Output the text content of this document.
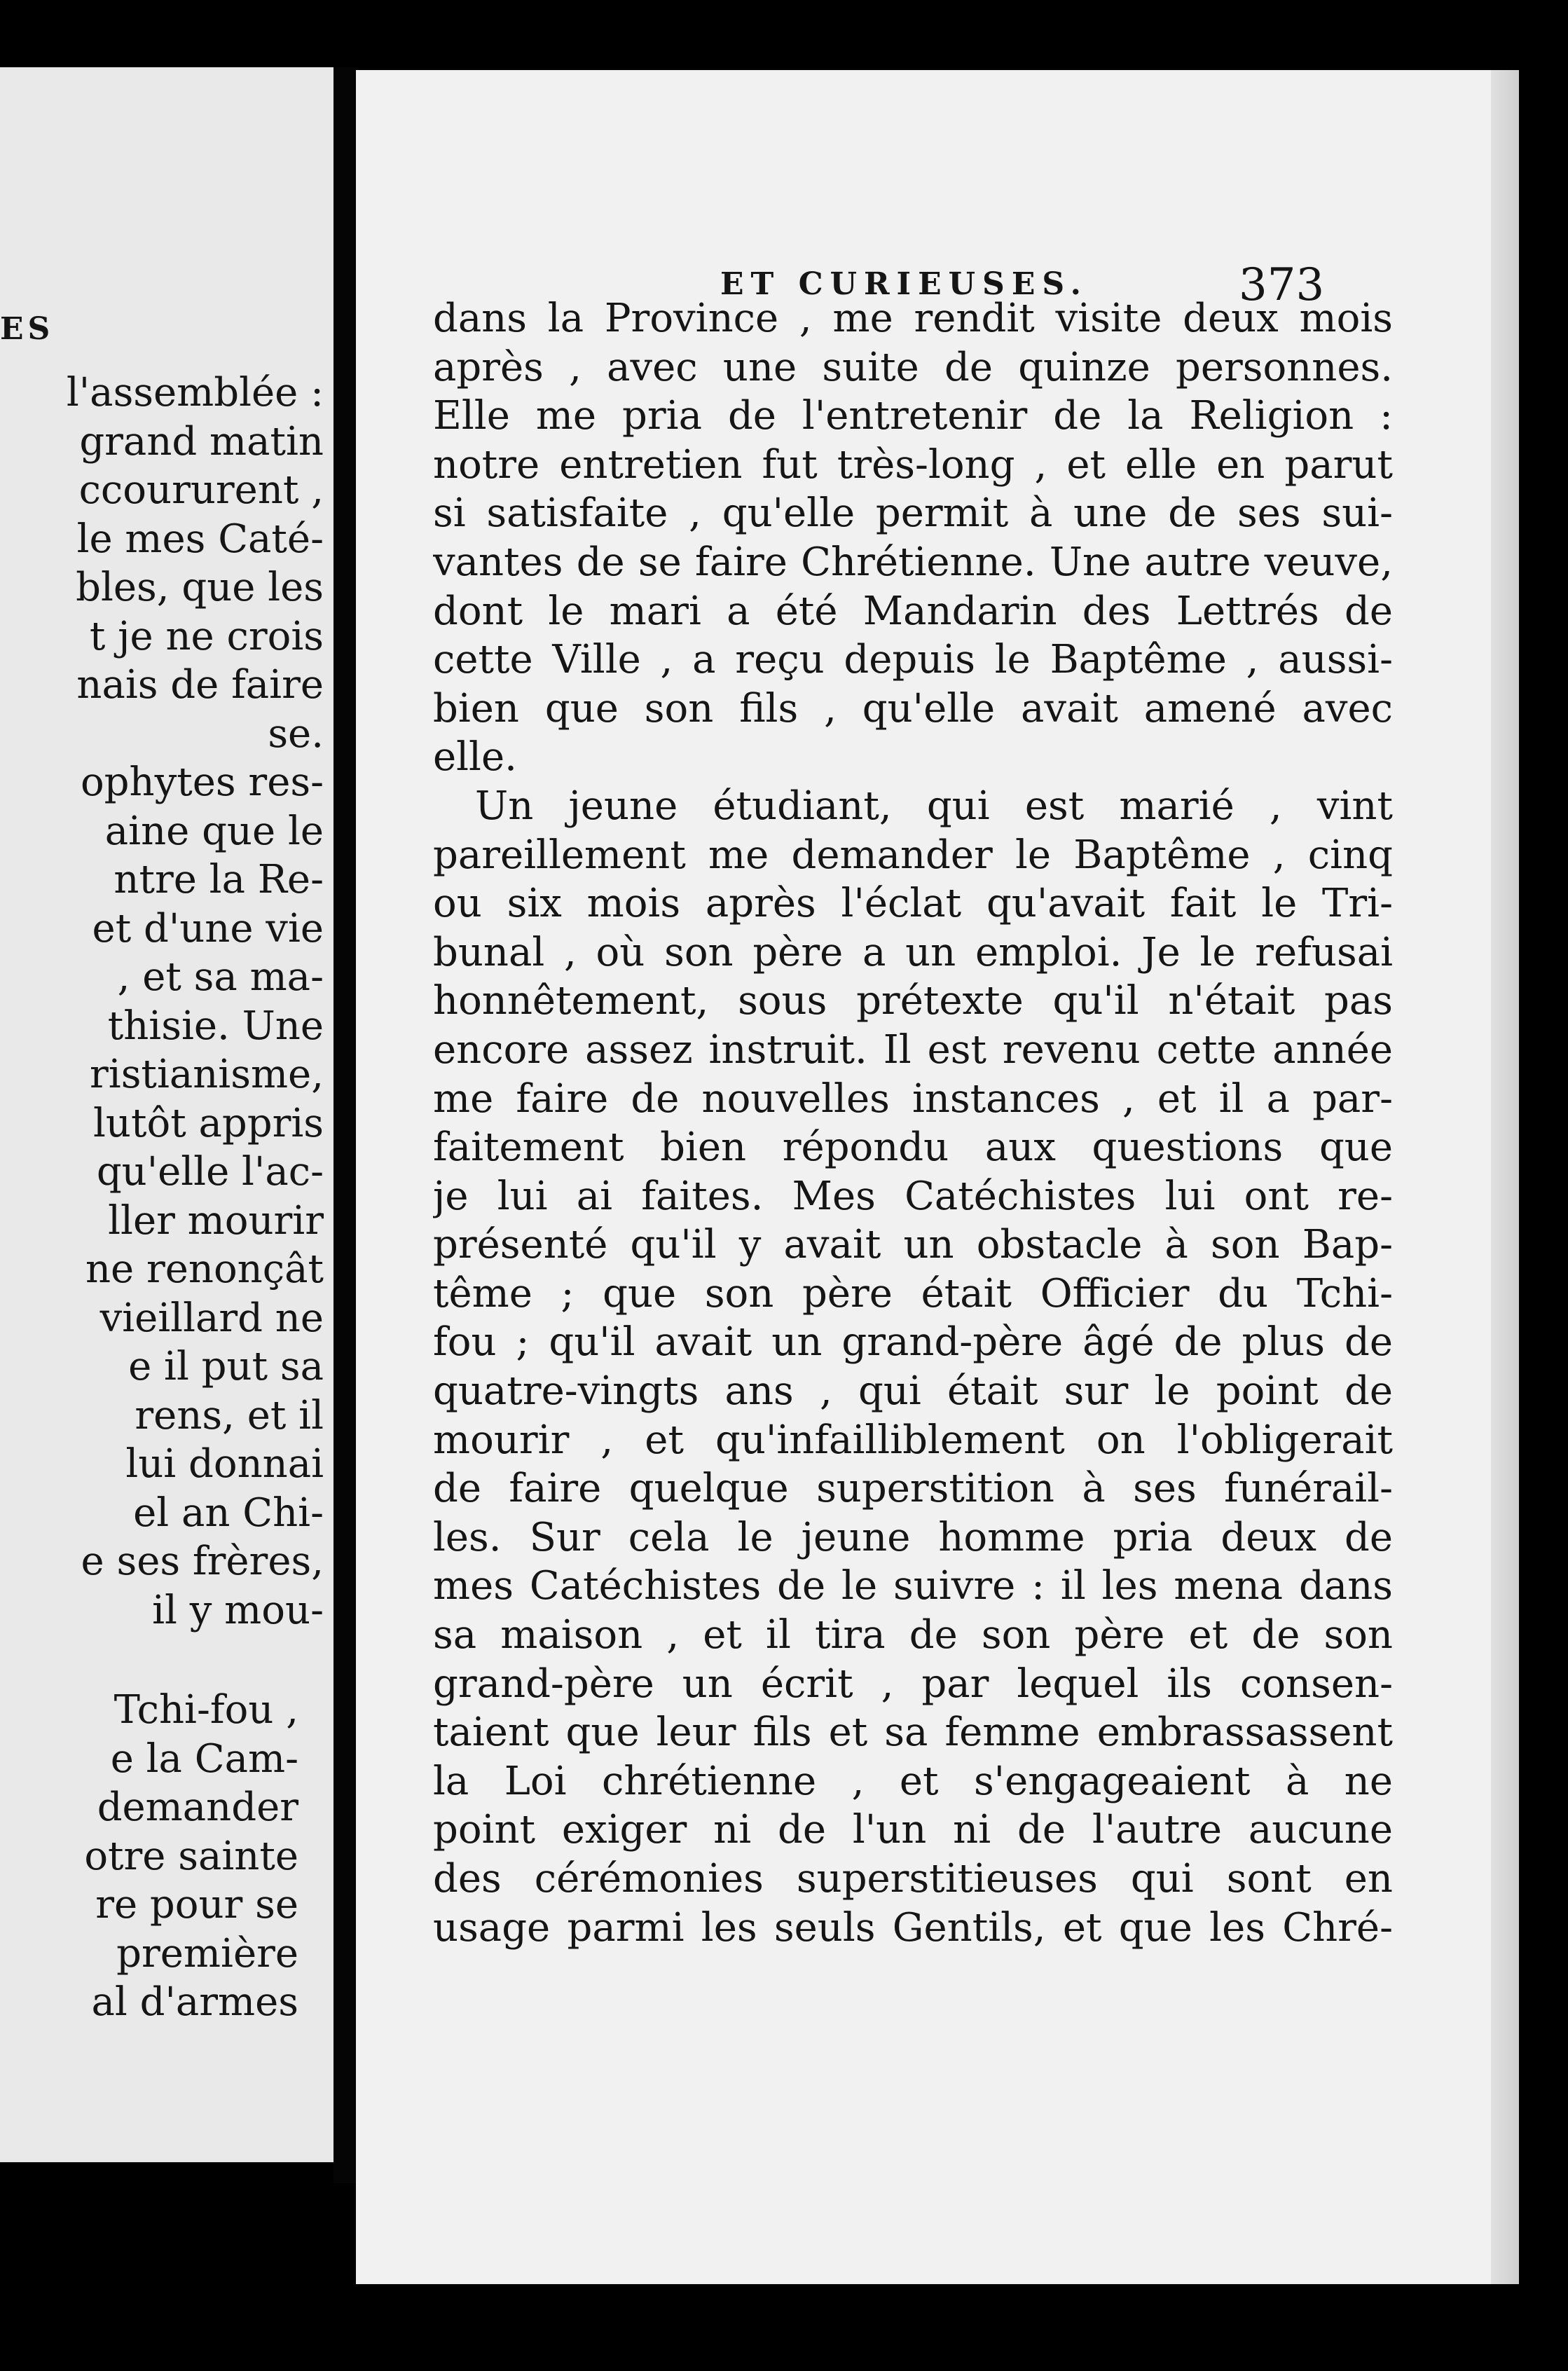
ES
l'assemblée :
grand matin
ccoururent ,
le mes Caté-
bles, que les
t je ne crois
nais de faire
se.
ophytes res-
aine que le
ntre la Re-
et d'une vie
, et sa ma-
thisie. Une
ristianisme,
lutôt appris
qu'elle l'ac-
ller mourir
ne renonçât
vieillard ne
e il put sa
rens, et il
lui donnai
el an Chi-
e ses frères,
il y mou-
Tchi-fou ,
e la Cam-
demander
otre sainte
re pour se
première
al d'armes
ET CURIEUSES.	373
dans la Province , me rendit visite deux mois
après , avec une suite de quinze personnes.
Elle me pria de l'entretenir de la Religion :
notre entretien fut très-long , et elle en parut
si satisfaite , qu'elle permit à une de ses sui-
vantes de se faire Chrétienne. Une autre veuve,
dont le mari a été Mandarin des Lettrés de
cette Ville , a reçu depuis le Baptême , aussi-
bien que son fils , qu'elle avait amené avec
elle.
Un jeune étudiant, qui est marié , vint
pareillement me demander le Baptême , cinq
ou six mois après l'éclat qu'avait fait le Tri-
bunal , où son père a un emploi. Je le refusai
honnêtement, sous prétexte qu'il n'était pas
encore assez instruit. Il est revenu cette année
me faire de nouvelles instances , et il a par-
faitement bien répondu aux questions que
je lui ai faites. Mes Catéchistes lui ont re-
présenté qu'il y avait un obstacle à son Bap-
tême ; que son père était Officier du Tchi-
fou ; qu'il avait un grand-père âgé de plus de
quatre-vingts ans , qui était sur le point de
mourir , et qu'infailliblement on l'obligerait
de faire quelque superstition à ses funérail-
les. Sur cela le jeune homme pria deux de
mes Catéchistes de le suivre : il les mena dans
sa maison , et il tira de son père et de son
grand-père un écrit , par lequel ils consen-
taient que leur fils et sa femme embrassassent
la Loi chrétienne , et s'engageaient à ne
point exiger ni de l'un ni de l'autre aucune
des cérémonies superstitieuses qui sont en
usage parmi les seuls Gentils, et que les Chré-
